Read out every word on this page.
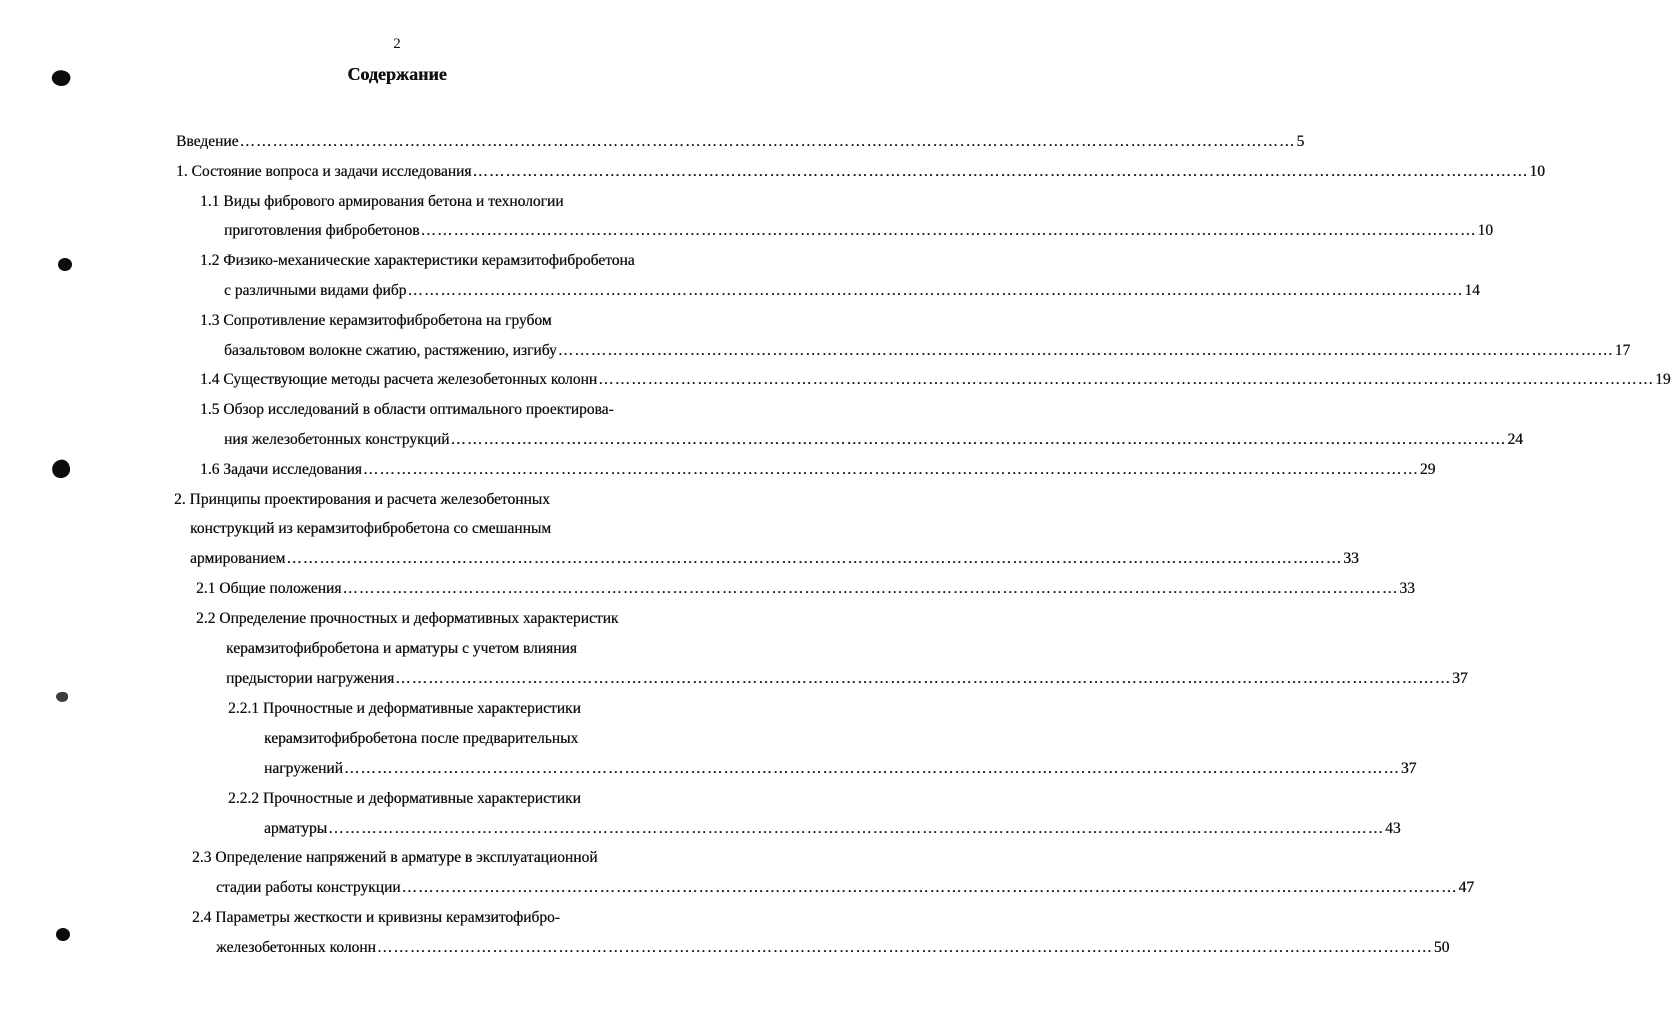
2
Содержание
Введение ………………………………………………………………………………………………………………………………………………………………………… 5
1. Состояние вопроса и задачи исследования ………………………………………………………………………………………………………………………………………………………………………… 10
1.1 Виды фибрового армирования бетона и технологии
приготовления фибробетонов ………………………………………………………………………………………………………………………………………………………………………… 10
1.2 Физико-механические характеристики керамзитофибробетона
с различными видами фибр ………………………………………………………………………………………………………………………………………………………………………… 14
1.3 Сопротивление керамзитофибробетона на грубом
базальтовом волокне сжатию, растяжению, изгибу ………………………………………………………………………………………………………………………………………………………………………… 17
1.4 Существующие методы расчета железобетонных колонн ………………………………………………………………………………………………………………………………………………………………………… 19
1.5 Обзор исследований в области оптимального проектирова-
ния железобетонных конструкций ………………………………………………………………………………………………………………………………………………………………………… 24
1.6 Задачи исследования ………………………………………………………………………………………………………………………………………………………………………… 29
2. Принципы проектирования и расчета железобетонных
конструкций из керамзитофибробетона со смешанным
армированием ………………………………………………………………………………………………………………………………………………………………………… 33
2.1 Общие положения ………………………………………………………………………………………………………………………………………………………………………… 33
2.2 Определение прочностных и деформативных характеристик
керамзитофибробетона и арматуры с учетом влияния
предыстории нагружения ………………………………………………………………………………………………………………………………………………………………………… 37
2.2.1 Прочностные и деформативные характеристики
керамзитофибробетона после предварительных
нагружений ………………………………………………………………………………………………………………………………………………………………………… 37
2.2.2 Прочностные и деформативные характеристики
арматуры ………………………………………………………………………………………………………………………………………………………………………… 43
2.3 Определение напряжений в арматуре в эксплуатационной
стадии работы конструкции ………………………………………………………………………………………………………………………………………………………………………… 47
2.4 Параметры жесткости и кривизны керамзитофибро-
железобетонных колонн ………………………………………………………………………………………………………………………………………………………………………… 50
